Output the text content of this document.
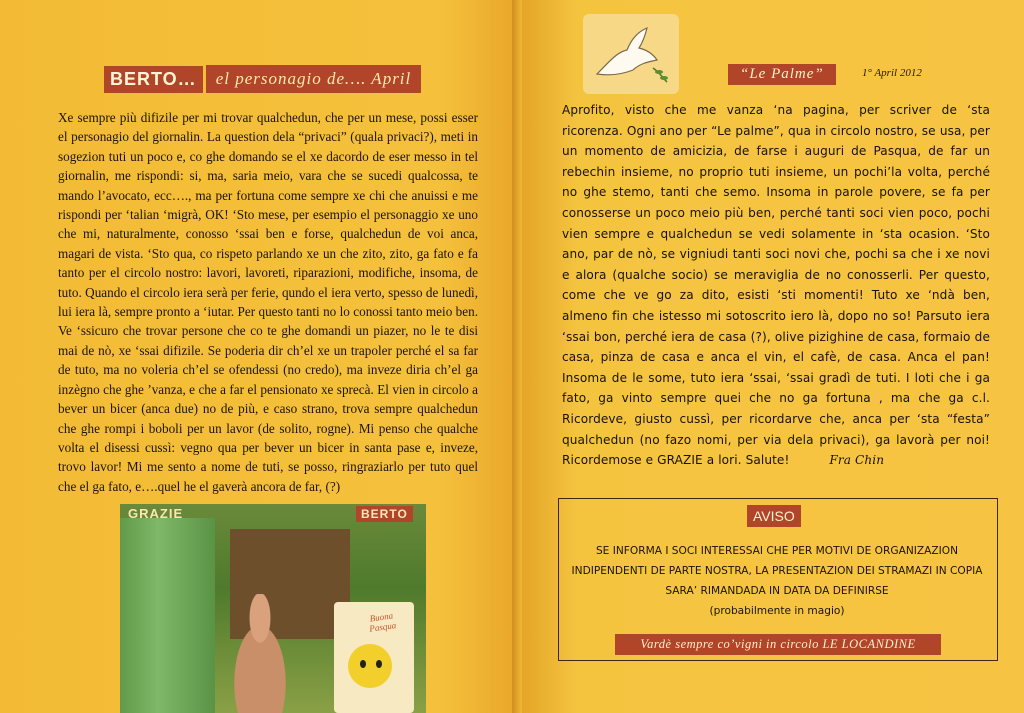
BERTO…	el personagio de…. April
Xe sempre più difizile per mi trovar qualchedun, che per un mese, possi esser el personagio del giornalin. La question dela “privaci” (quala privaci?), meti in sogezion tuti un poco e, co ghe domando se el xe dacordo de eser messo in tel giornalin, me rispondi: si, ma, saria meio, vara che se sucedi qualcossa, te mando l’avocato, ecc…., ma per fortuna come sempre xe chi che anuissi e me rispondi per ‘talian ‘migrà, OK! ‘Sto mese, per esempio el personaggio xe uno che mi, naturalmente, conosso ‘ssai ben e forse, qualchedun de voi anca, magari de vista. ‘Sto qua, co rispeto parlando xe un che zito, zito, ga fato e fa tanto per el circolo nostro: lavori, lavoreti, riparazioni, modifiche, insoma, de tuto. Quando el circolo iera serà per ferie, qundo el iera verto, spesso de lunedì, lui iera là, sempre pronto a ‘iutar. Per questo tanti no lo conossi tanto meio ben. Ve ‘ssicuro che trovar persone che co te ghe domandi un piazer, no le te disi mai de nò, xe ‘ssai difizile. Se poderia dir ch’el xe un trapoler perché el sa far de tuto, ma no voleria ch’el se ofendessi (no credo), ma inveze diria ch’el ga inzègno che ghe ’vanza, e che a far el pensionato xe sprecà. El vien in circolo a bever un bicer (anca due) no de più, e caso strano, trova sempre qualchedun che ghe rompi i boboli per un lavor (de solito, rogne). Mi penso che qualche volta el disessi cussì: vegno qua per bever un bicer in santa pase e, inveze, trovo lavor! Mi me sento a nome de tuti, se posso, ringraziarlo per tuto quel che el ga fato, e….quel he el gaverà ancora de far, (?)
GRAZIE	BERTO
Buona Pasqua
“Le Palme”	1° April 2012
Aprofito, visto che me vanza ‘na pagina, per scriver de ‘sta ricorenza. Ogni ano per “Le palme”, qua in circolo nostro, se usa, per un momento de amicizia, de farse i auguri de Pasqua, de far un rebechin insieme, no proprio tuti insieme, un pochi’la volta, perché no ghe stemo, tanti che semo. Insoma in parole povere, se fa per conosserse un poco meio più ben, perché tanti soci vien poco, pochi vien sempre e qualchedun se vedi solamente in ‘sta ocasion. ‘Sto ano, par de nò, se vigniudi tanti soci novi che, pochi sa che i xe novi e alora (qualche socio) se meraviglia de no conosserli. Per questo, come che ve go za dito, esisti ‘sti momenti! Tuto xe ‘ndà ben, almeno fin che istesso mi sotoscrito iero là, dopo no so! Parsuto iera ‘ssai bon, perché iera de casa (?), olive pizighine de casa, formaio de casa, pinza de casa e anca el vin, el cafè, de casa. Anca el pan! Insoma de le some, tuto iera ‘ssai, ‘ssai gradì de tuti. I loti che i ga fato, ga vinto sempre quei che no ga fortuna , ma che ga c.l. Ricordeve, giusto cussì, per ricordarve che, anca per ‘sta “festa” qualchedun (no fazo nomi, per via dela privaci), ga lavorà per noi! Ricordemose e GRAZIE a lori. Salute!	Fra Chin
AVISO
SE INFORMA I SOCI INTERESSAI CHE PER MOTIVI DE ORGANIZAZION INDIPENDENTI DE PARTE NOSTRA, LA PRESENTAZION DEI STRAMAZI IN COPIA SARA’ RIMANDADA IN DATA DA DEFINIRSE
(probabilmente in magio)
Vardè sempre co’vigni in circolo LE LOCANDINE
